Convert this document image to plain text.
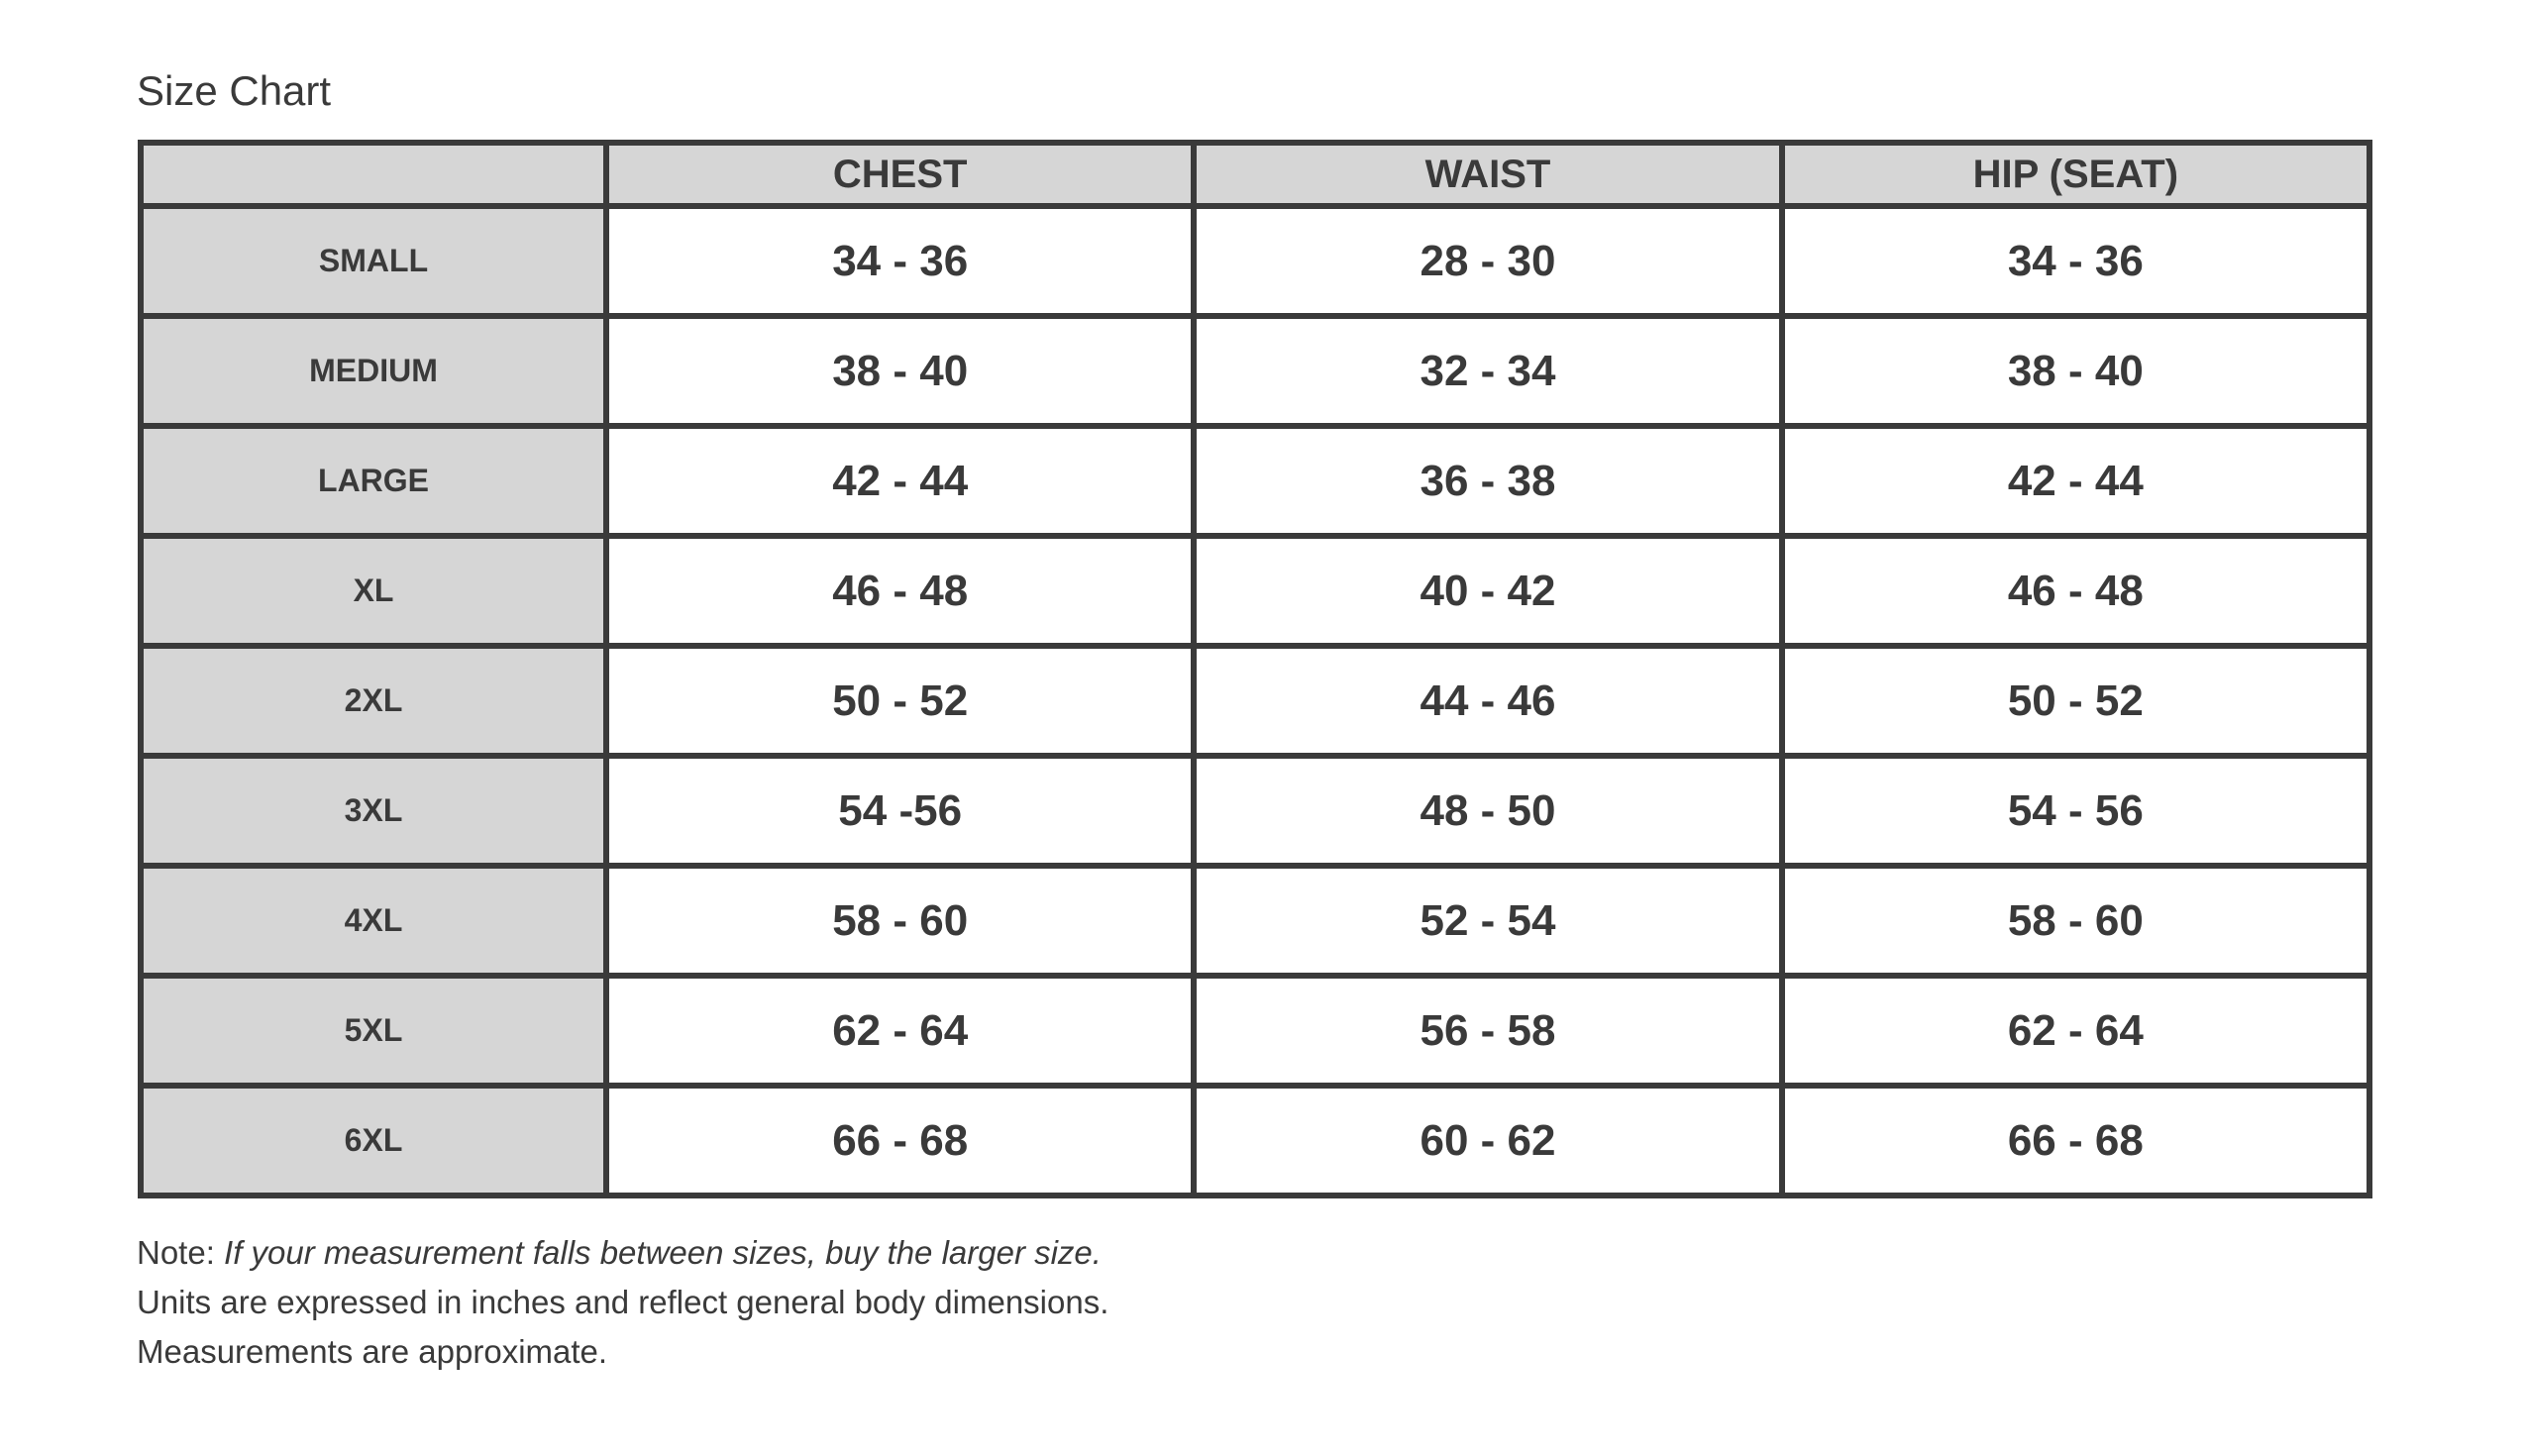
Size Chart
	CHEST	WAIST	HIP (SEAT)
SMALL	34 - 36	28 - 30	34 - 36
MEDIUM	38 - 40	32 - 34	38 - 40
LARGE	42 - 44	36 - 38	42 - 44
XL	46 - 48	40 - 42	46 - 48
2XL	50 - 52	44 - 46	50 - 52
3XL	54 -56	48 - 50	54 - 56
4XL	58 - 60	52 - 54	58 - 60
5XL	62 - 64	56 - 58	62 - 64
6XL	66 - 68	60 - 62	66 - 68
Note: If your measurement falls between sizes, buy the larger size.
Units are expressed in inches and reflect general body dimensions.
Measurements are approximate.
